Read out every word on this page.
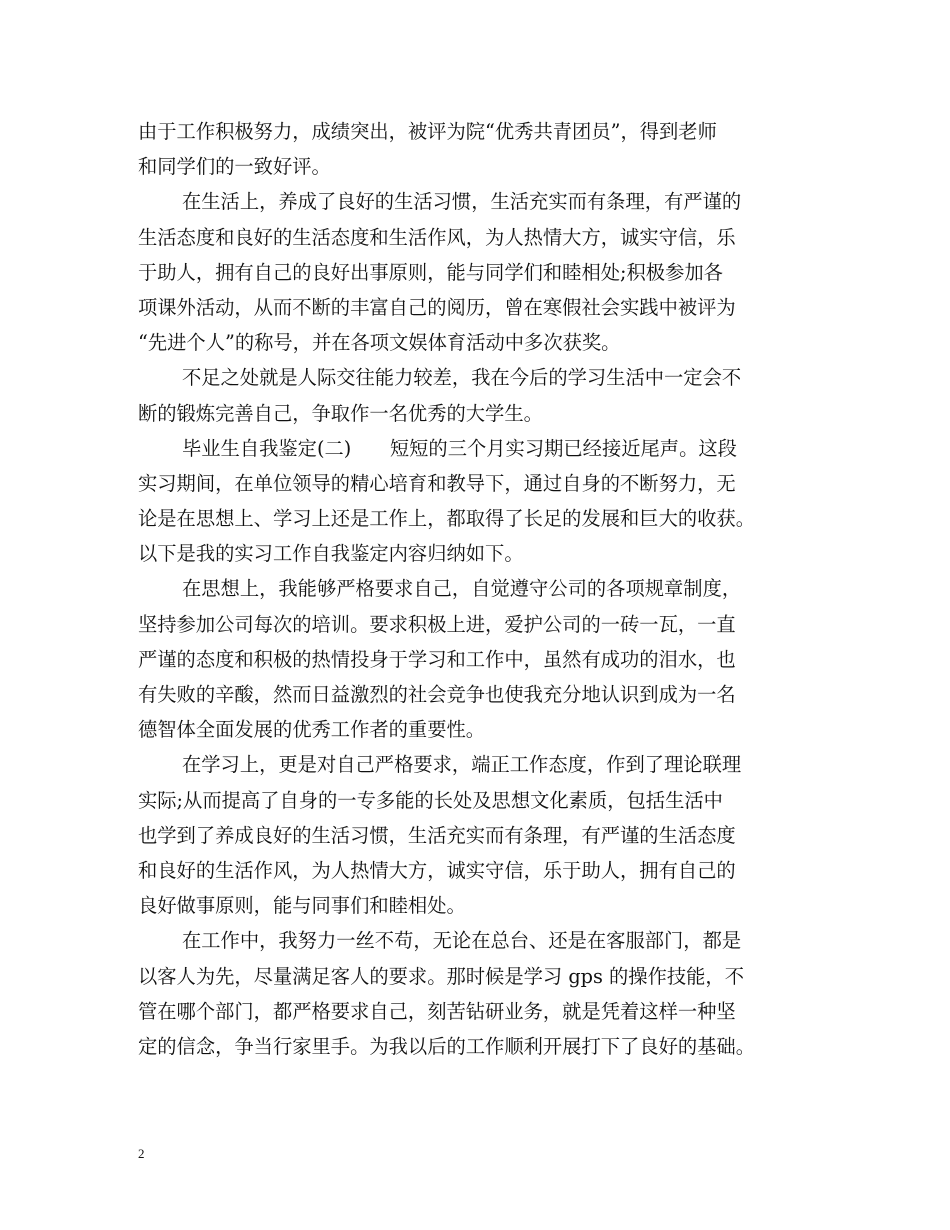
由于工作积极努力，成绩突出，被评为院“优秀共青团员”，得到老师
和同学们的一致好评。
在生活上，养成了良好的生活习惯，生活充实而有条理，有严谨的
生活态度和良好的生活态度和生活作风，为人热情大方，诚实守信，乐
于助人，拥有自己的良好出事原则，能与同学们和睦相处;积极参加各
项课外活动，从而不断的丰富自己的阅历，曾在寒假社会实践中被评为
“先进个人”的称号，并在各项文娱体育活动中多次获奖。
不足之处就是人际交往能力较差，我在今后的学习生活中一定会不
断的锻炼完善自己，争取作一名优秀的大学生。
毕业生自我鉴定(二)　　短短的三个月实习期已经接近尾声。这段
实习期间，在单位领导的精心培育和教导下，通过自身的不断努力，无
论是在思想上、学习上还是工作上，都取得了长足的发展和巨大的收获。
以下是我的实习工作自我鉴定内容归纳如下。
在思想上，我能够严格要求自己，自觉遵守公司的各项规章制度，
坚持参加公司每次的培训。要求积极上进，爱护公司的一砖一瓦，一直
严谨的态度和积极的热情投身于学习和工作中，虽然有成功的泪水，也
有失败的辛酸，然而日益激烈的社会竞争也使我充分地认识到成为一名
德智体全面发展的优秀工作者的重要性。
在学习上，更是对自己严格要求，端正工作态度，作到了理论联理
实际;从而提高了自身的一专多能的长处及思想文化素质，包括生活中
也学到了养成良好的生活习惯，生活充实而有条理，有严谨的生活态度
和良好的生活作风，为人热情大方，诚实守信，乐于助人，拥有自己的
良好做事原则，能与同事们和睦相处。
在工作中，我努力一丝不苟，无论在总台、还是在客服部门，都是
以客人为先，尽量满足客人的要求。那时候是学习 gps 的操作技能，不
管在哪个部门，都严格要求自己，刻苦钻研业务，就是凭着这样一种坚
定的信念，争当行家里手。为我以后的工作顺利开展打下了良好的基础。
2
